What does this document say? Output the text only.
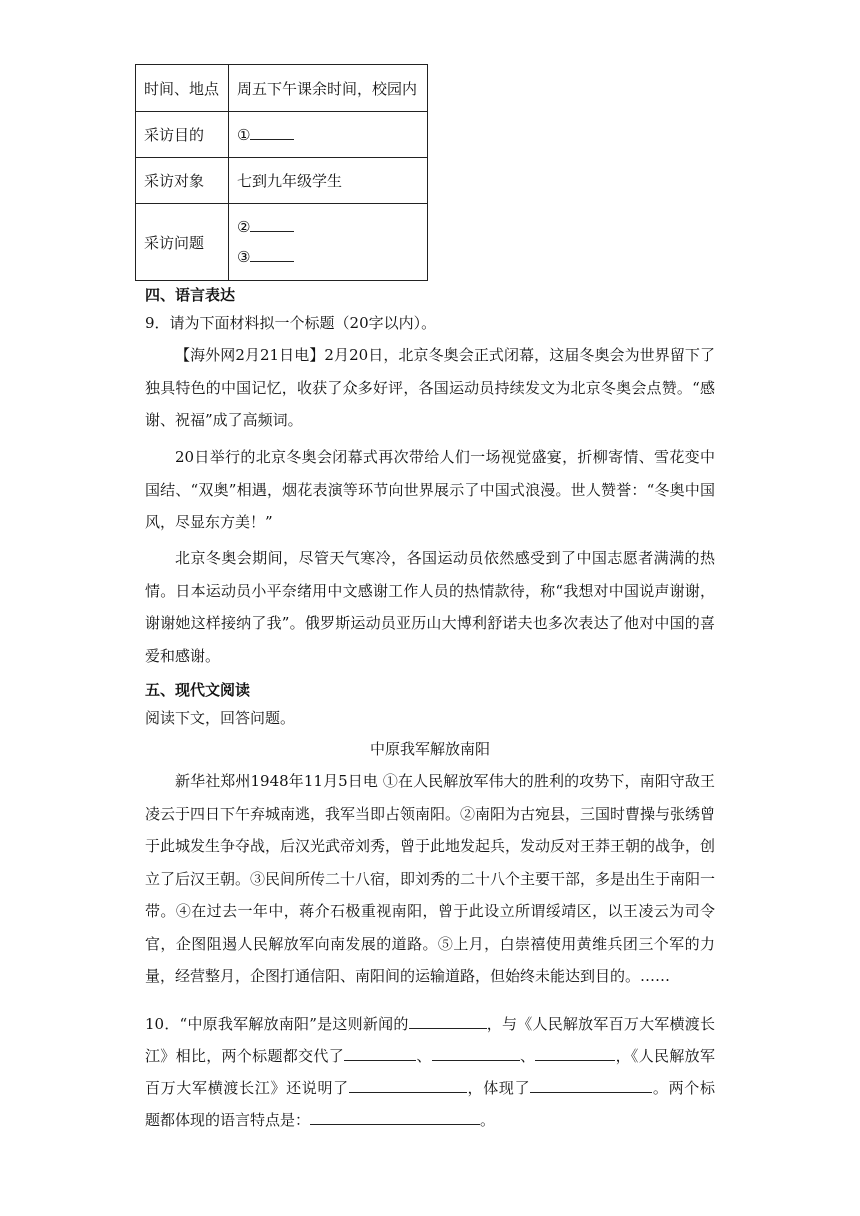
时间、地点	周五下午课余时间，校园内
采访目的	①
采访对象	七到九年级学生
采访问题	②
③
四、语言表达
9．请为下面材料拟一个标题（20字以内）。
【海外网2月21日电】2月20日，北京冬奥会正式闭幕，这届冬奥会为世界留下了独具特色的中国记忆，收获了众多好评，各国运动员持续发文为北京冬奥会点赞。“感谢、祝福”成了高频词。
20日举行的北京冬奥会闭幕式再次带给人们一场视觉盛宴，折柳寄情、雪花变中国结、“双奥”相遇，烟花表演等环节向世界展示了中国式浪漫。世人赞誉：“冬奥中国风，尽显东方美！”
北京冬奥会期间，尽管天气寒冷，各国运动员依然感受到了中国志愿者满满的热情。日本运动员小平奈绪用中文感谢工作人员的热情款待，称“我想对中国说声谢谢，谢谢她这样接纳了我”。俄罗斯运动员亚历山大博利舒诺夫也多次表达了他对中国的喜爱和感谢。
五、现代文阅读
阅读下文，回答问题。
中原我军解放南阳
新华社郑州1948年11月5日电 ①在人民解放军伟大的胜利的攻势下，南阳守敌王凌云于四日下午弃城南逃，我军当即占领南阳。②南阳为古宛县，三国时曹操与张绣曾于此城发生争夺战，后汉光武帝刘秀，曾于此地发起兵，发动反对王莽王朝的战争，创立了后汉王朝。③民间所传二十八宿，即刘秀的二十八个主要干部，多是出生于南阳一带。④在过去一年中，蒋介石极重视南阳，曾于此设立所谓绥靖区，以王凌云为司令官，企图阻遏人民解放军向南发展的道路。⑤上月，白崇禧使用黄维兵团三个军的力量，经营整月，企图打通信阳、南阳间的运输道路，但始终未能达到目的。……
10．“中原我军解放南阳”是这则新闻的	，与《人民解放军百万大军横渡长江》相比，两个标题都交代了	、	、	，《人民解放军百万大军横渡长江》还说明了	，体现了	。两个标题都体现的语言特点是：	。
